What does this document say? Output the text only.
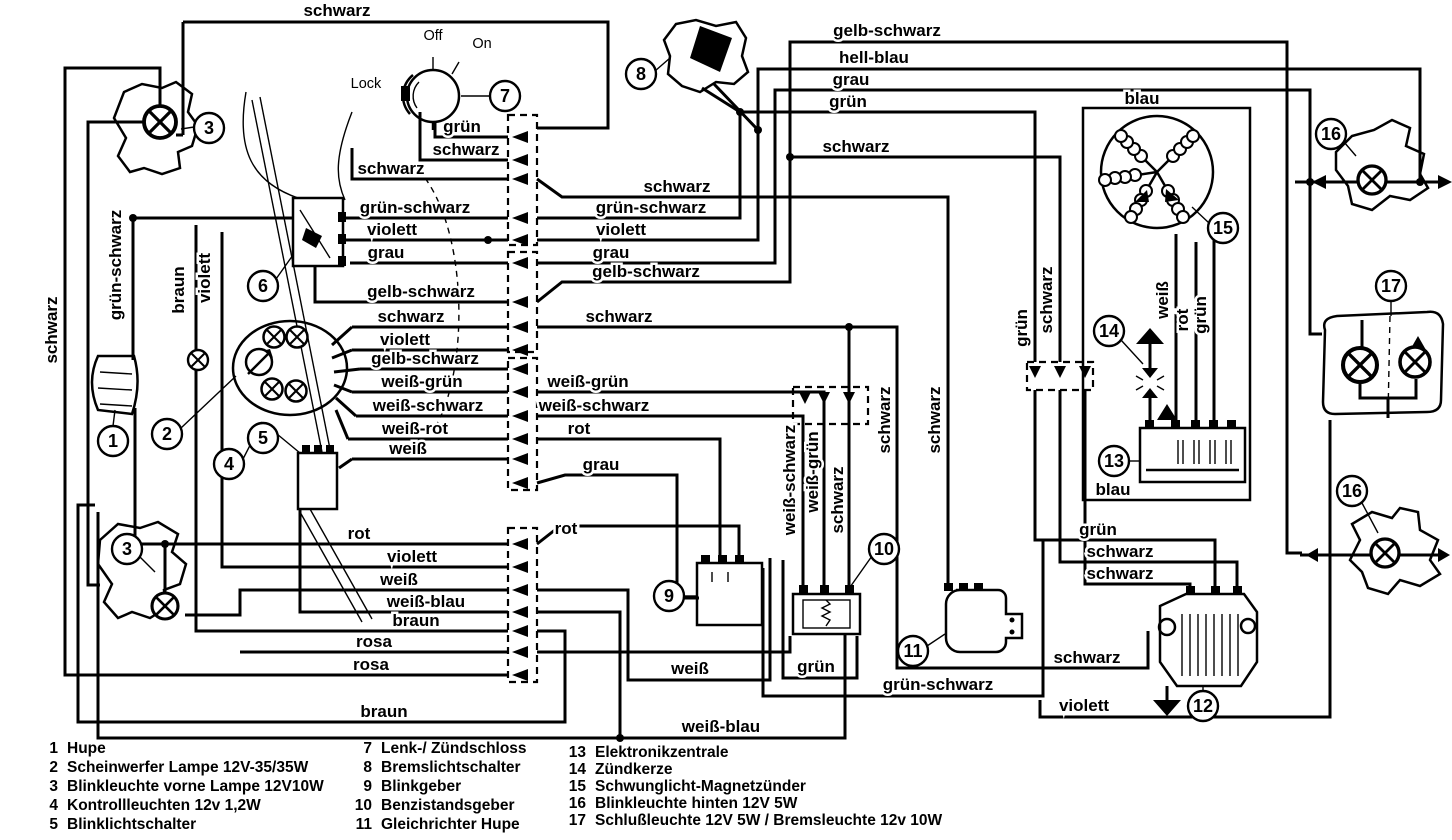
schwarz
Off On
Lock
grün
schwarz
schwarz
gelb-schwarz
hell-blau
grau
grün
schwarz
blau
schwarz
grün-schwarz	grün-schwarz
violett	violett
grau	grau
gelb-schwarz
gelb-schwarz
schwarz	schwarz
violett
gelb-schwarz
weiß-grün	weiß-grün
weiß-schwarz	weiß-schwarz
weiß-rot	rot
weiß
grau
rot	rot
violett
weiß
weiß-blau
braun
rosa
rosa
braun
weiß	grün
grün-schwarz
weiß-blau
grün
schwarz
schwarz
schwarz
violett
blau
schwarz
grün-schwarz	braun violett
weiß-schwarz weiß-grün schwarz
schwarz schwarz
grün schwarz	weiß
rot grün
1 2
3
3
4
5
6
7
8
9
10
11
12
13
14
15
16
16
17
1 Hupe
2 Scheinwerfer Lampe 12V-35/35W
3 Blinkleuchte vorne Lampe 12V10W
4 Kontrollleuchten 12v 1,2W
5 Blinklichtschalter
7 Lenk-/ Zündschloss
8 Bremslichtschalter
9 Blinkgeber
10 Benzistandsgeber
11 Gleichrichter Hupe
13 Elektronikzentrale
14 Zündkerze
15 Schwunglicht-Magnetzünder
16 Blinkleuchte hinten 12V 5W
17 Schlußleuchte 12V 5W / Bremsleuchte 12v 10W
